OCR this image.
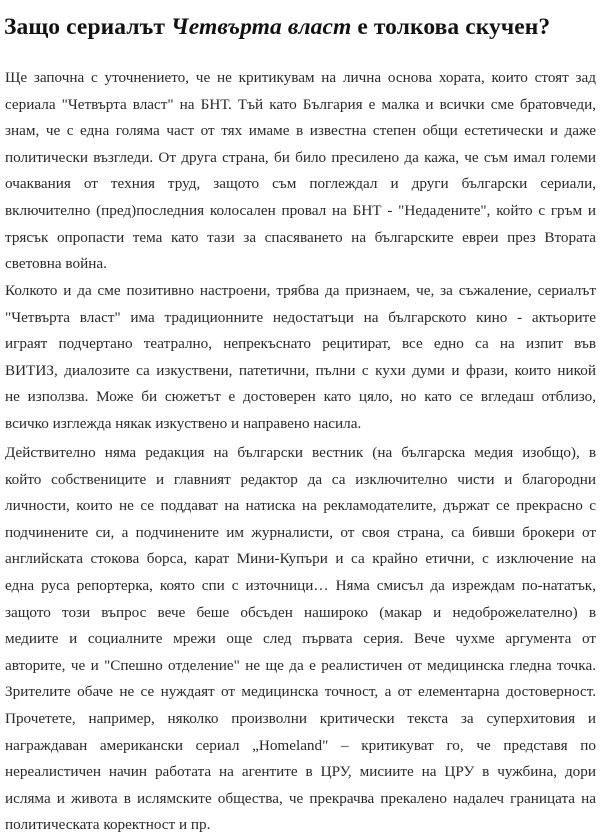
Защо сериалът Четвърта власт е толкова скучен?
Ще започна с уточнението, че не критикувам на лична основа хората, които стоят зад
сериала "Четвърта власт" на БНТ. Тъй като България е малка и всички сме братовчеди,
знам, че с една голяма част от тях имаме в известна степен общи естетически и даже
политически възгледи. От друга страна, би било пресилено да кажа, че съм имал големи
очаквания от техния труд, защото съм поглеждал и други български сериали,
включително (пред)последния колосален провал на БНТ - "Недадените", който с гръм и
трясък опропасти тема като тази за спасяването на българските евреи през Втората
световна война.
Колкото и да сме позитивно настроени, трябва да признаем, че, за съжаление, сериалът
"Четвърта власт" има традиционните недостатъци на българското кино - актьорите
играят подчертано театрално, непрекъснато рецитират, все едно са на изпит във
ВИТИЗ, диалозите са изкуствени, патетични, пълни с кухи думи и фрази, които никой
не използва. Може би сюжетът е достоверен като цяло, но като се вгледаш отблизо,
всичко изглежда някак изкуствено и направено насила.
Действително няма редакция на български вестник (на българска медия изобщо), в
който собствениците и главният редактор да са изключително чисти и благородни
личности, които не се поддават на натиска на рекламодателите, държат се прекрасно с
подчинените си, а подчинените им журналисти, от своя страна, са бивши брокери от
английската стокова борса, карат Мини-Купъри и са крайно етични, с изключение на
една руса репортерка, която спи с източници… Няма смисъл да изреждам по-нататък,
защото този въпрос вече беше обсъден нашироко (макар и недоброжелателно) в
медиите и социалните мрежи още след първата серия. Вече чухме аргумента от
авторите, че и "Спешно отделение" не ще да е реалистичен от медицинска гледна точка.
Зрителите обаче не се нуждаят от медицинска точност, а от елементарна достоверност.
Прочетете, например, няколко произволни критически текста за суперхитовия и
награждаван американски сериал „Homeland" – критикуват го, че представя по
нереалистичен начин работата на агентите в ЦРУ, мисиите на ЦРУ в чужбина, дори
исляма и живота в ислямските общества, че прекрачва прекалено надалеч границата на
политическата коректност и пр.
